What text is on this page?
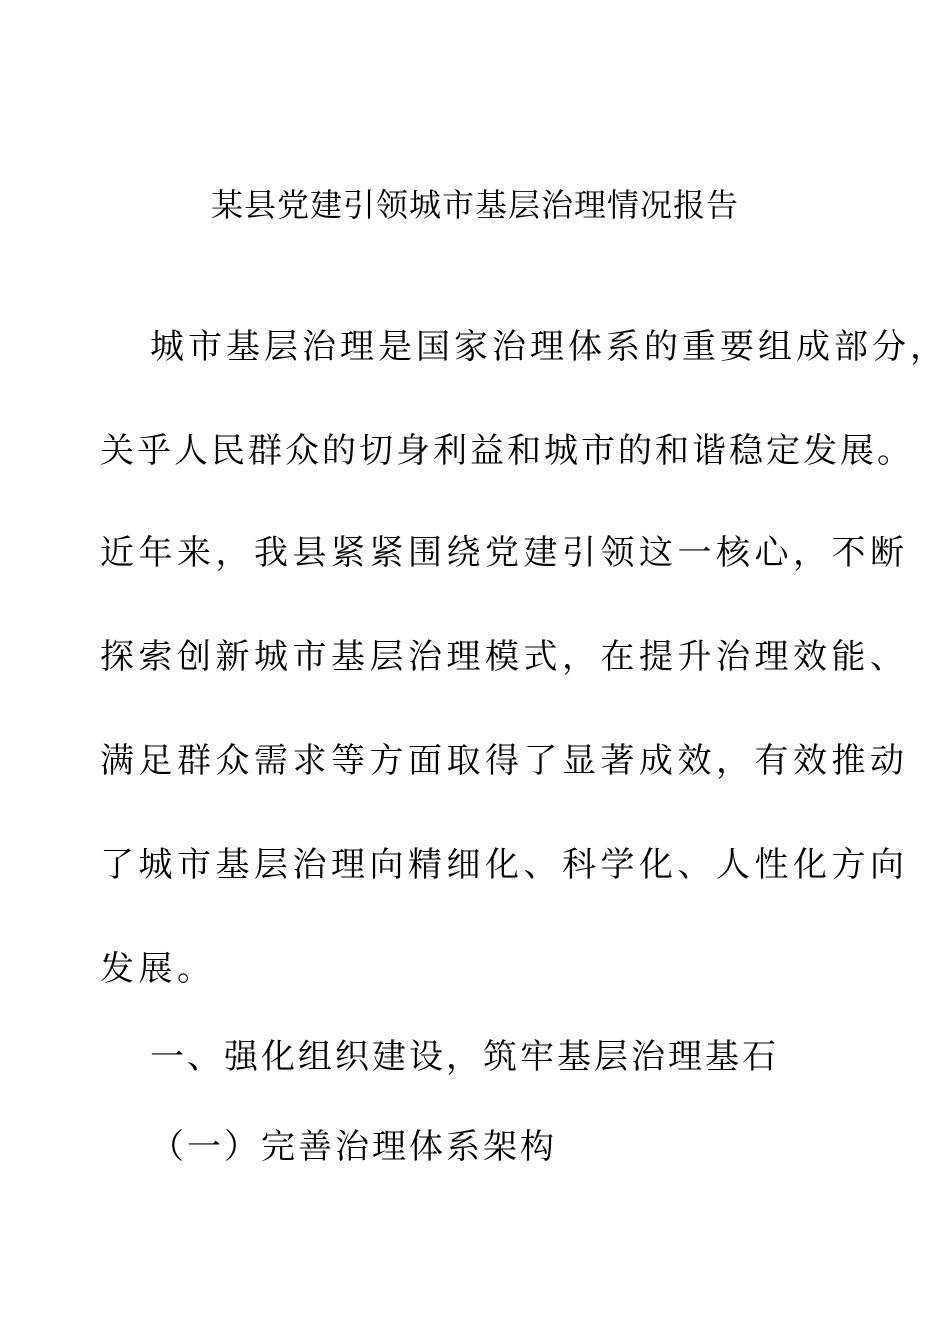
某县党建引领城市基层治理情况报告
城市基层治理是国家治理体系的重要组成部分，
关乎人民群众的切身利益和城市的和谐稳定发展。
近年来，我县紧紧围绕党建引领这一核心，不断
探索创新城市基层治理模式，在提升治理效能、
满足群众需求等方面取得了显著成效，有效推动
了城市基层治理向精细化、科学化、人性化方向
发展。
一、强化组织建设，筑牢基层治理基石
（一）完善治理体系架构
